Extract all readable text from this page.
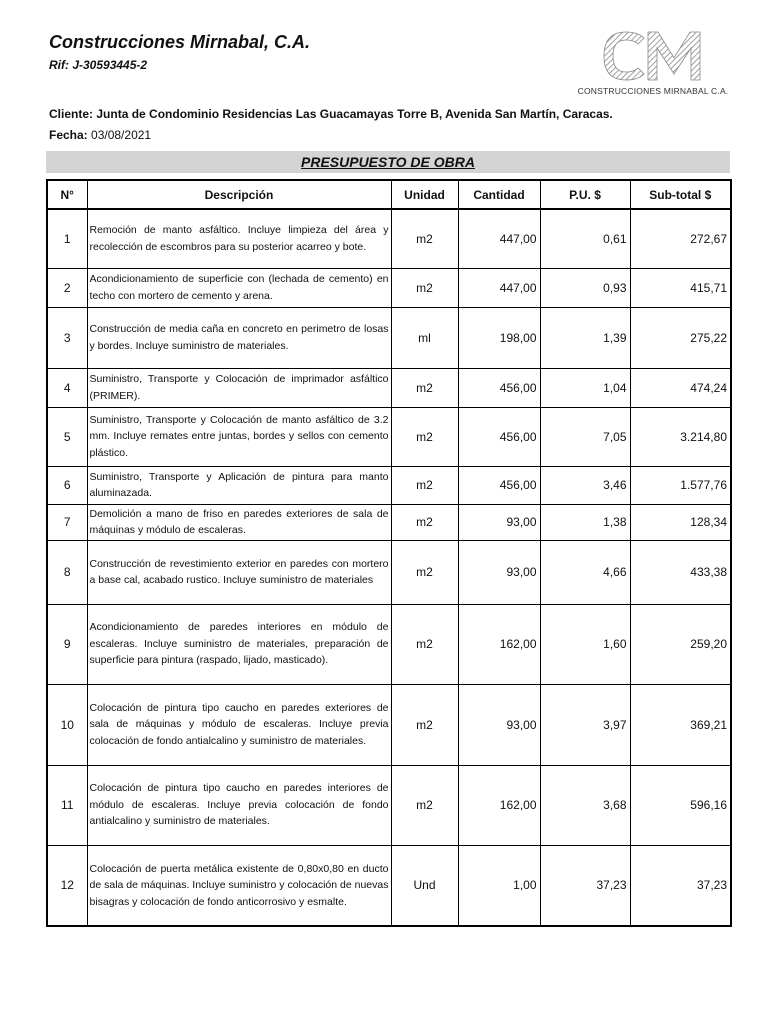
Construcciones Mirnabal, C.A.
Rif: J-30593445-2
CONSTRUCCIONES MIRNABAL C.A.
Cliente: Junta de Condominio Residencias Las Guacamayas Torre B, Avenida San Martín, Caracas.
Fecha: 03/08/2021
PRESUPUESTO DE OBRA
N°	Descripción	Unidad	Cantidad	P.U. $	Sub-total $
1	Remoción de manto asfáltico. Incluye limpieza del área y recolección de escombros para su posterior acarreo y bote.	m2	447,00	0,61	272,67
2	Acondicionamiento de superficie con (lechada de cemento) en techo con mortero de cemento y arena.	m2	447,00	0,93	415,71
3	Construcción de media caña en concreto en perimetro de losas y bordes. Incluye suministro de materiales.	ml	198,00	1,39	275,22
4	Suministro, Transporte y Colocación de imprimador asfáltico (PRIMER).	m2	456,00	1,04	474,24
5	Suministro, Transporte y Colocación de manto asfáltico de 3.2 mm. Incluye remates entre juntas, bordes y sellos con cemento plástico.	m2	456,00	7,05	3.214,80
6	Suministro, Transporte y Aplicación de pintura para manto aluminazada.	m2	456,00	3,46	1.577,76
7	Demolición a mano de friso en paredes exteriores de sala de máquinas y módulo de escaleras.	m2	93,00	1,38	128,34
8	Construcción de revestimiento exterior en paredes con mortero a base cal, acabado rustico. Incluye suministro de materiales	m2	93,00	4,66	433,38
9	Acondicionamiento de paredes interiores en módulo de escaleras. Incluye suministro de materiales, preparación de superficie para pintura (raspado, lijado, masticado).	m2	162,00	1,60	259,20
10	Colocación de pintura tipo caucho en paredes exteriores de sala de máquinas y módulo de escaleras. Incluye previa colocación de fondo antialcalino y suministro de materiales.	m2	93,00	3,97	369,21
11	Colocación de pintura tipo caucho en paredes interiores de módulo de escaleras. Incluye previa colocación de fondo antialcalino y suministro de materiales.	m2	162,00	3,68	596,16
12	Colocación de puerta metálica existente de 0,80x0,80 en ducto de sala de máquinas. Incluye suministro y colocación de nuevas bisagras y colocación de fondo anticorrosivo y esmalte.	Und	1,00	37,23	37,23
